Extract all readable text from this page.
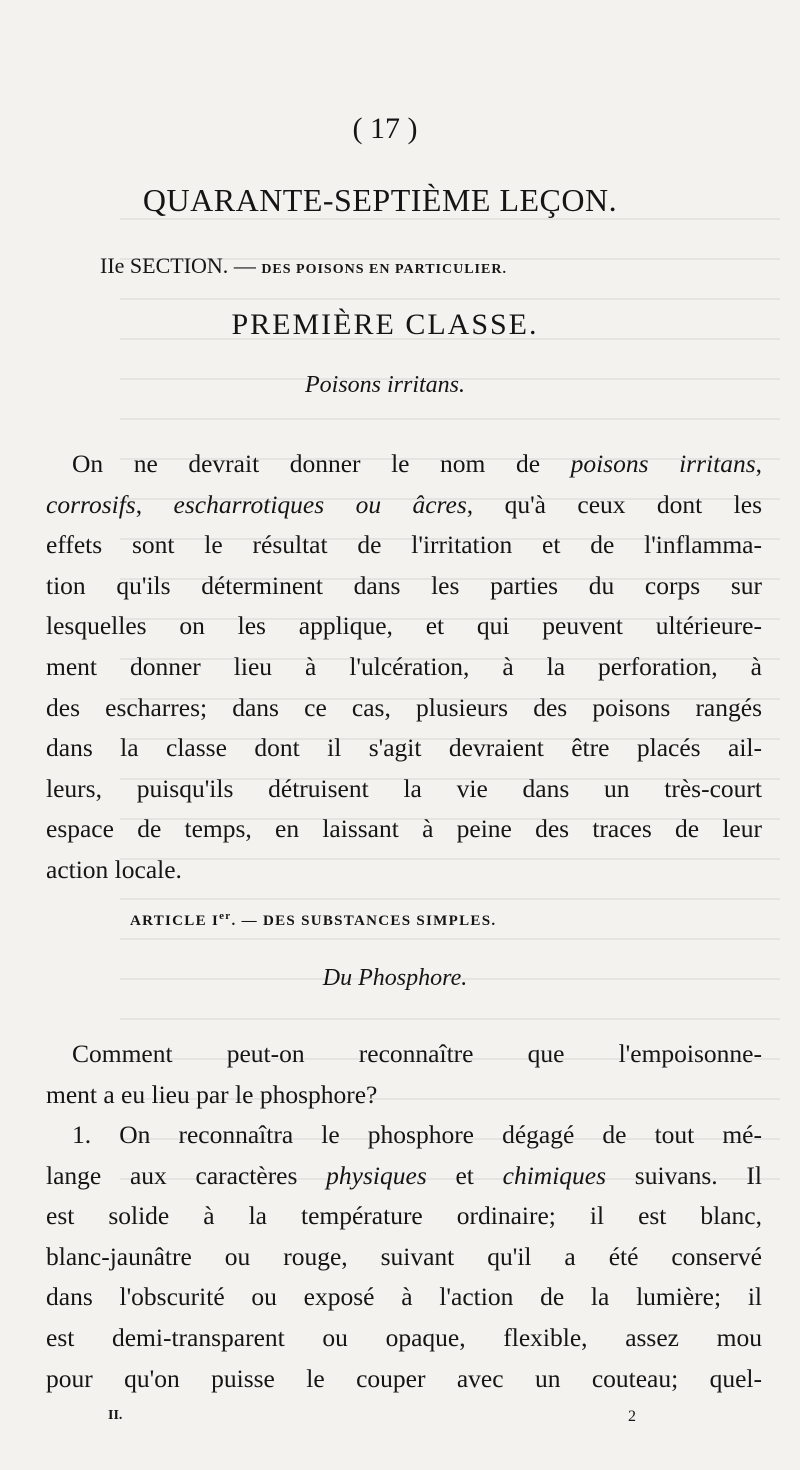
( 17 )
QUARANTE-SEPTIÈME LEÇON.
IIe SECTION. — DES POISONS EN PARTICULIER.
PREMIÈRE CLASSE.
Poisons irritans.
On ne devrait donner le nom de poisons irritans,
corrosifs, escharrotiques ou âcres, qu'à ceux dont les
effets sont le résultat de l'irritation et de l'inflamma-
tion qu'ils déterminent dans les parties du corps sur
lesquelles on les applique, et qui peuvent ultérieure-
ment donner lieu à l'ulcération, à la perforation, à
des escharres; dans ce cas, plusieurs des poisons rangés
dans la classe dont il s'agit devraient être placés ail-
leurs, puisqu'ils détruisent la vie dans un très-court
espace de temps, en laissant à peine des traces de leur
action locale.
ARTICLE Ier. — DES SUBSTANCES SIMPLES.
Du Phosphore.
Comment peut-on reconnaître que l'empoisonne-
ment a eu lieu par le phosphore?
1. On reconnaîtra le phosphore dégagé de tout mé-
lange aux caractères physiques et chimiques suivans. Il
est solide à la température ordinaire; il est blanc,
blanc-jaunâtre ou rouge, suivant qu'il a été conservé
dans l'obscurité ou exposé à l'action de la lumière; il
est demi-transparent ou opaque, flexible, assez mou
pour qu'on puisse le couper avec un couteau; quel-
II.	2
